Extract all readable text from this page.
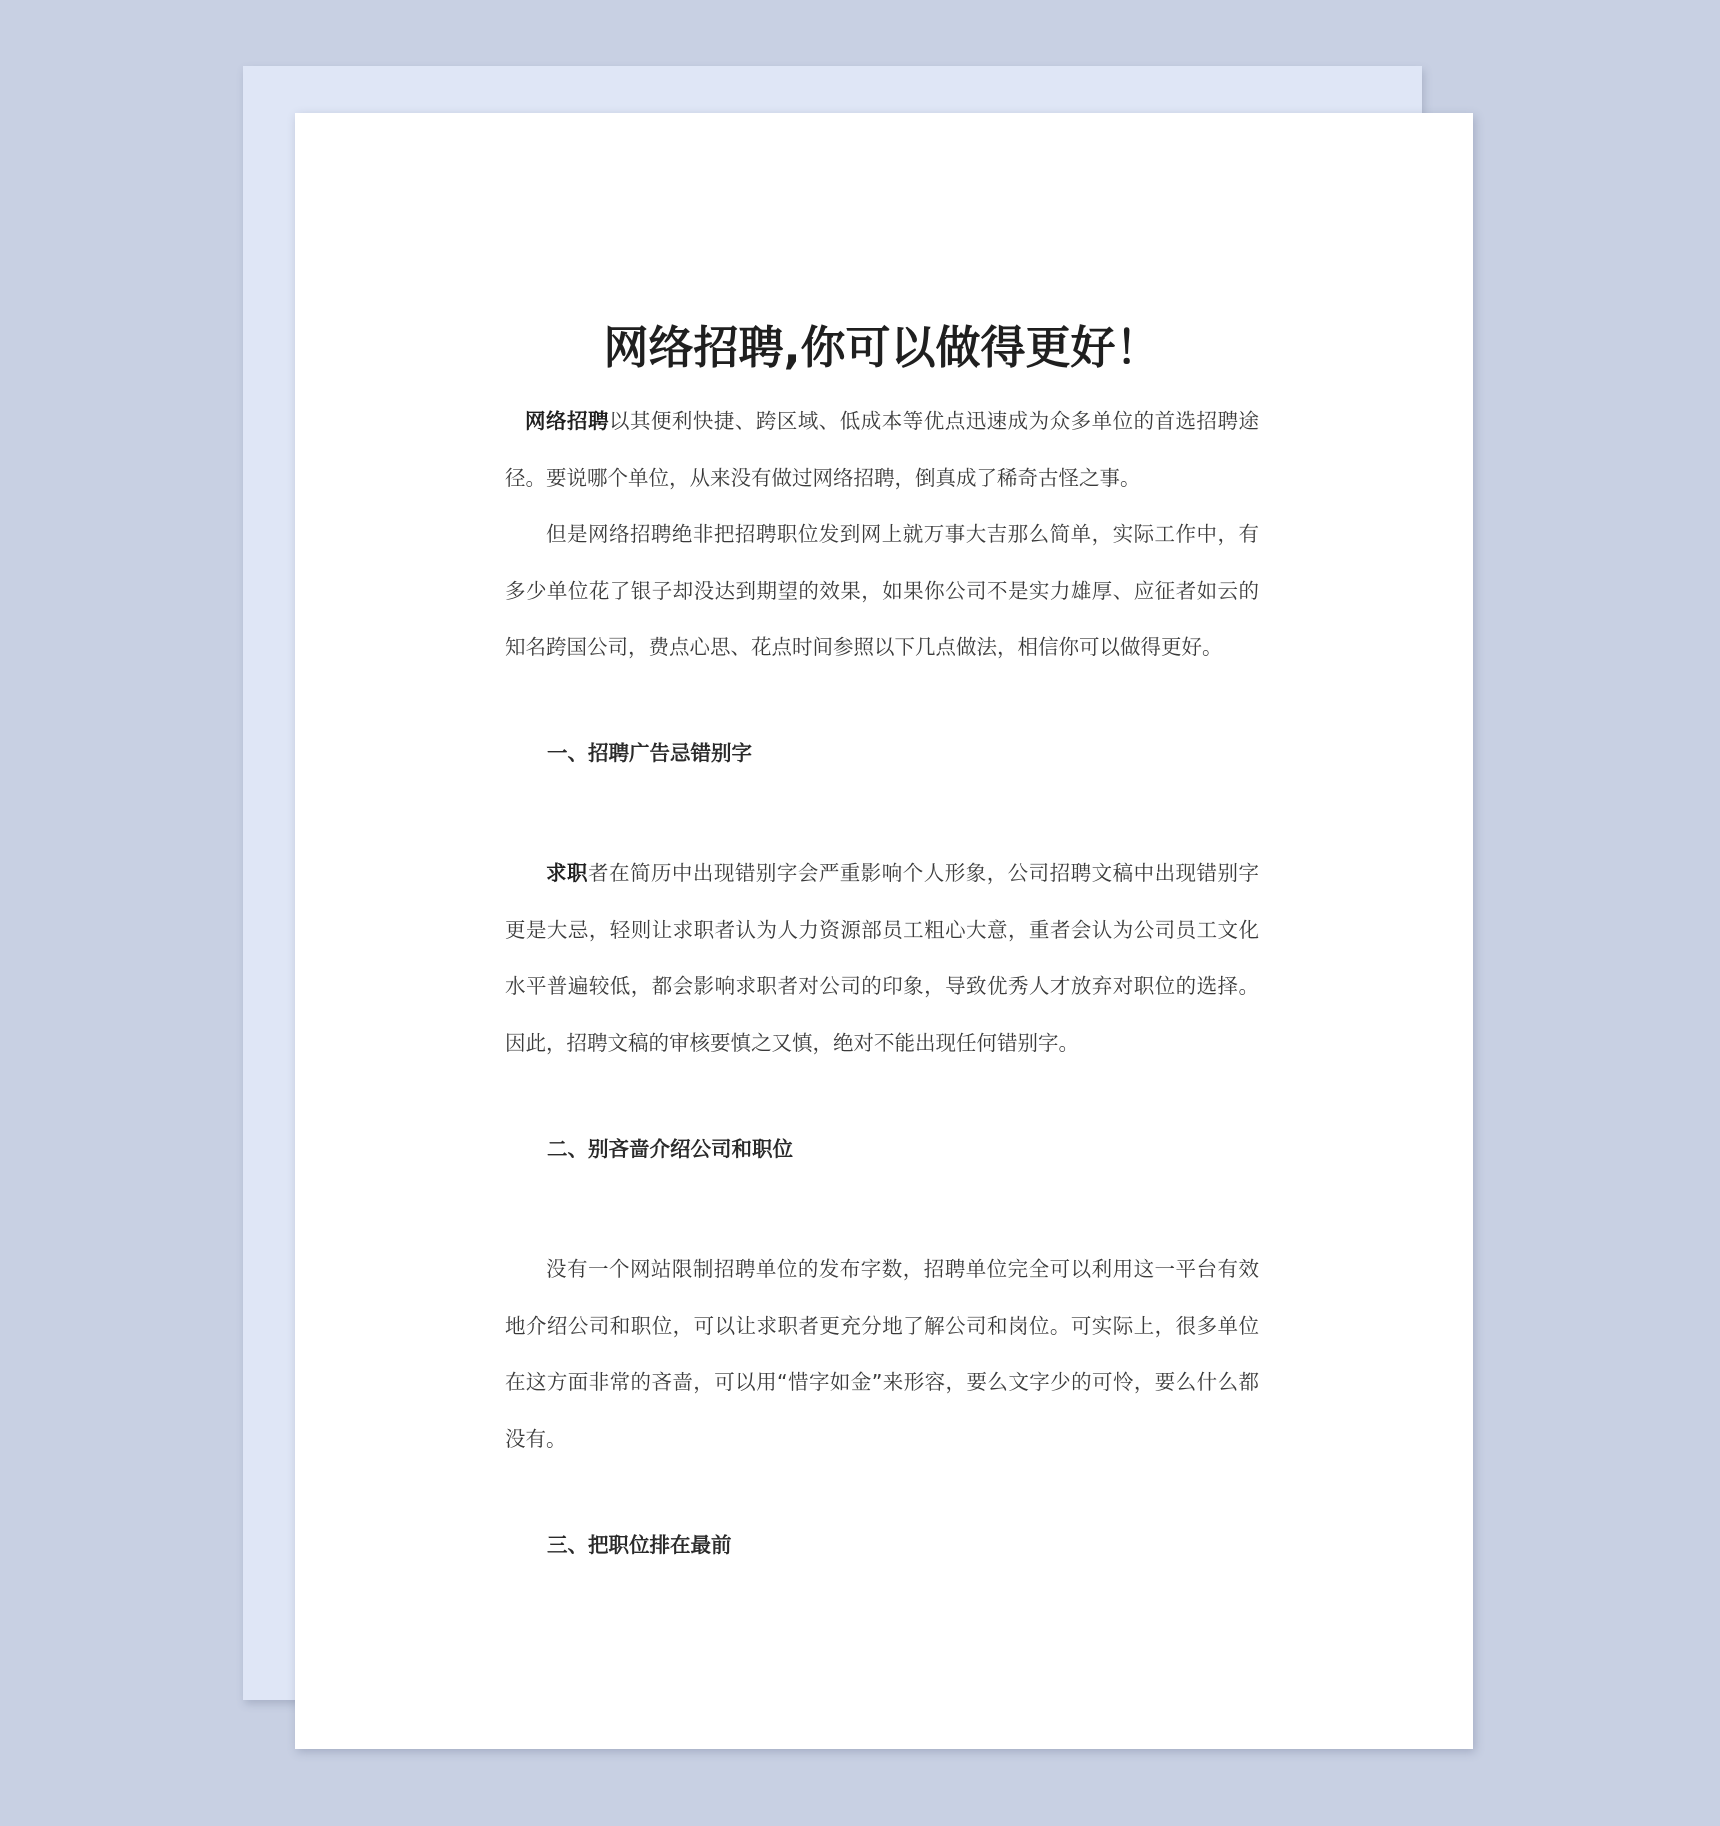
网络招聘,你可以做得更好！

网络招聘以其便利快捷、跨区域、低成本等优点迅速成为众多单位的首选招聘途径。要说哪个单位，从来没有做过网络招聘，倒真成了稀奇古怪之事。

但是网络招聘绝非把招聘职位发到网上就万事大吉那么简单，实际工作中，有多少单位花了银子却没达到期望的效果，如果你公司不是实力雄厚、应征者如云的知名跨国公司，费点心思、花点时间参照以下几点做法，相信你可以做得更好。

一、招聘广告忌错别字

求职者在简历中出现错别字会严重影响个人形象，公司招聘文稿中出现错别字更是大忌，轻则让求职者认为人力资源部员工粗心大意，重者会认为公司员工文化水平普遍较低，都会影响求职者对公司的印象，导致优秀人才放弃对职位的选择。因此，招聘文稿的审核要慎之又慎，绝对不能出现任何错别字。

二、别吝啬介绍公司和职位

没有一个网站限制招聘单位的发布字数，招聘单位完全可以利用这一平台有效地介绍公司和职位，可以让求职者更充分地了解公司和岗位。可实际上，很多单位在这方面非常的吝啬，可以用“惜字如金”来形容，要么文字少的可怜，要么什么都没有。

三、把职位排在最前
